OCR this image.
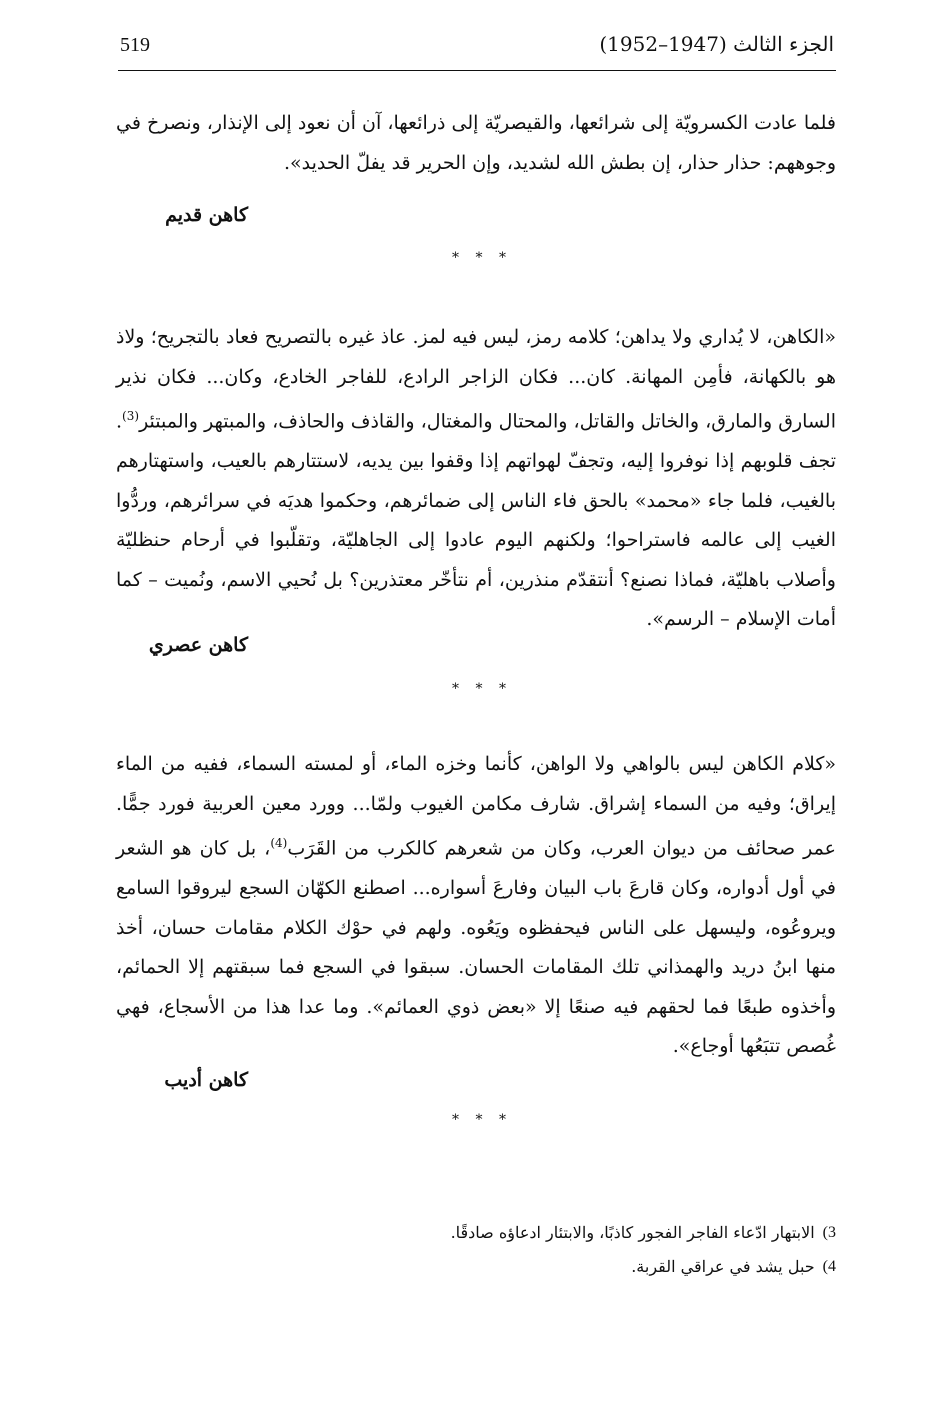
519	الجزء الثالث (1947–1952)

فلما عادت الكسرويّة إلى شرائعها، والقيصريّة إلى ذرائعها، آن أن نعود إلى الإنذار، ونصرخ في وجوههم: حذار حذار، إن بطش الله لشديد، وإن الحرير قد يفلّ الحديد».

كاهن قديم
* * *

«الكاهن، لا يُداري ولا يداهن؛ كلامه رمز، ليس فيه لمز. عاذ غيره بالتصريح فعاد بالتجريح؛ ولاذ هو بالكهانة، فأمِن المهانة. كان... فكان الزاجر الرادع، للفاجر الخادع، وكان... فكان نذير السارق والمارق، والخاتل والقاتل، والمحتال والمغتال، والقاذف والحاذف، والمبتهر والمبتئر$^{(3)}$. تجف قلوبهم إذا نوفروا إليه، وتجفّ لهواتهم إذا وقفوا بين يديه، لاستتارهم بالعيب، واستهتارهم بالغيب، فلما جاء «محمد» بالحق فاء الناس إلى ضمائرهم، وحكموا هديَه في سرائرهم، وردُّوا الغيب إلى عالمه فاستراحوا؛ ولكنهم اليوم عادوا إلى الجاهليّة، وتقلّبوا في أرحام حنظليّة وأصلاب باهليّة، فماذا نصنع؟ أنتقدّم منذرين، أم نتأخّر معتذرين؟ بل نُحيي الاسم، ونُميت – كما أمات الإسلام – الرسم».

كاهن عصري
* * *

«كلام الكاهن ليس بالواهي ولا الواهن، كأنما وخزه الماء، أو لمسته السماء، ففيه من الماء إيراق؛ وفيه من السماء إشراق. شارف مكامن الغيوب ولمّا... وورد معين العربية فورد جمًّا. عمر صحائف من ديوان العرب، وكان من شعرهم كالكرب من القَرَب$^{(4)}$، بل كان هو الشعر في أول أدواره، وكان قارعَ باب البيان وفارعَ أسواره... اصطنع الكهّان السجع ليروقوا السامع ويروعُوه، وليسهل على الناس فيحفظوه ويَعُوه. ولهم في حوْك الكلام مقامات حسان، أخذ منها ابنُ دريد والهمذاني تلك المقامات الحسان. سبقوا في السجع فما سبقتهم إلا الحمائم، وأخذوه طبعًا فما لحقهم فيه صنعًا إلا «بعض ذوي العمائم». وما عدا هذا من الأسجاع، فهي غُصص تتبَعُها أوجاع».

كاهن أديب
* * *
3)
الابتهار ادّعاء الفاجر الفجور كاذبًا، والابتئار ادعاؤه صادقًا.
4)
حبل يشد في عراقي القربة.
